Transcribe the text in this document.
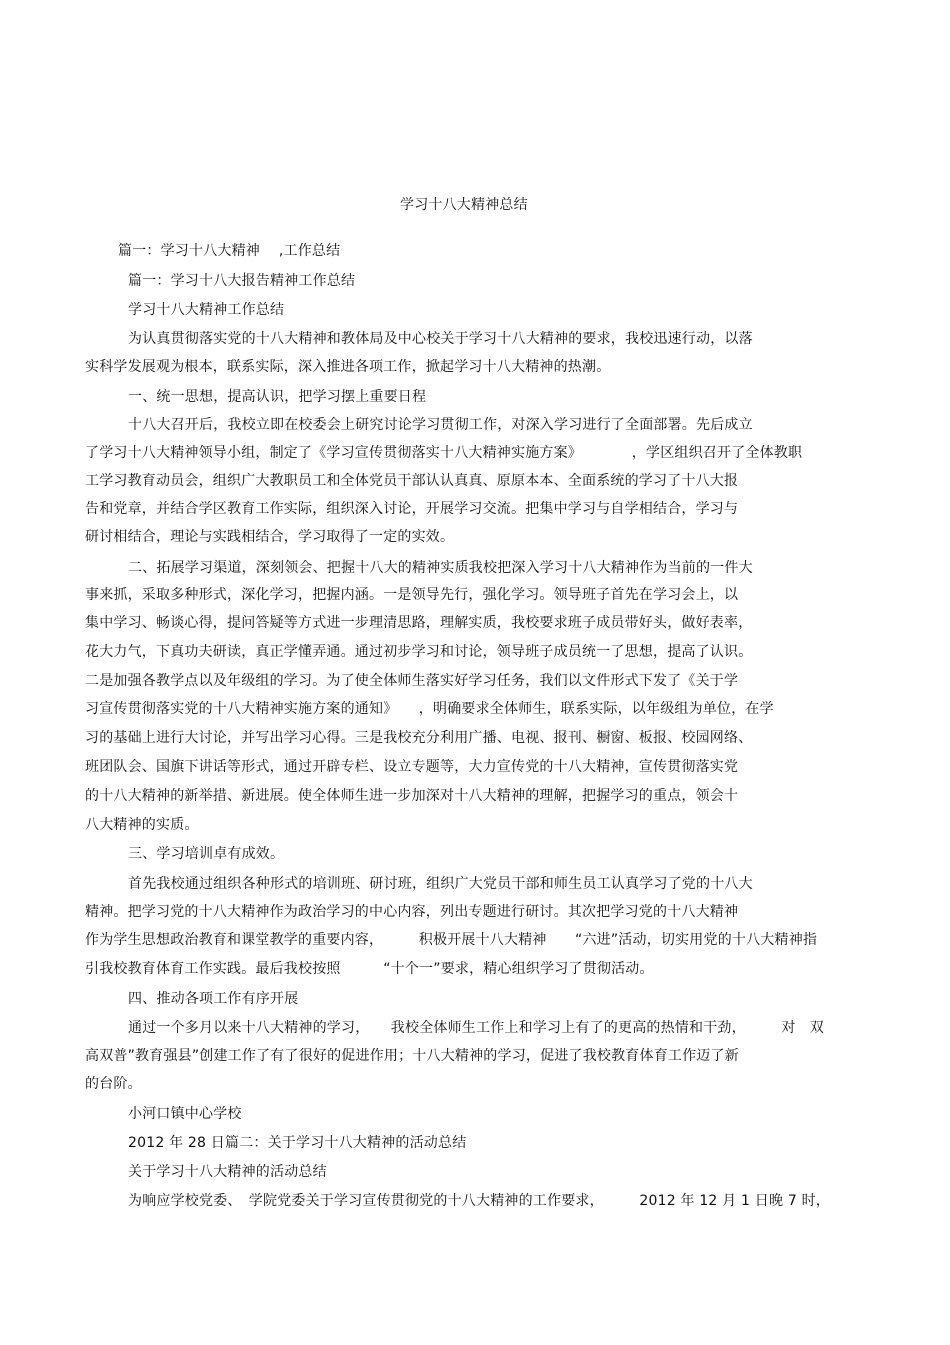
学习十八大精神总结
篇一：学习十八大精神　 ,工作总结
篇一：学习十八大报告精神工作总结
学习十八大精神工作总结
为认真贯彻落实党的十八大精神和教体局及中心校关于学习十八大精神的要求，我校迅速行动，以落
实科学发展观为根本，联系实际，深入推进各项工作，掀起学习十八大精神的热潮。
一、统一思想，提高认识，把学习摆上重要日程
十八大召开后，我校立即在校委会上研究讨论学习贯彻工作，对深入学习进行了全面部署。先后成立
了学习十八大精神领导小组，制定了《学习宣传贯彻落实十八大精神实施方案》　　　　，学区组织召开了全体教职
工学习教育动员会，组织广大教职员工和全体党员干部认认真真、原原本本、全面系统的学习了十八大报
告和党章，并结合学区教育工作实际，组织深入讨论，开展学习交流。把集中学习与自学相结合，学习与
研讨相结合，理论与实践相结合，学习取得了一定的实效。
二、拓展学习渠道，深刻领会、把握十八大的精神实质我校把深入学习十八大精神作为当前的一件大
事来抓，采取多种形式，深化学习，把握内涵。一是领导先行，强化学习。领导班子首先在学习会上，以
集中学习、畅谈心得，提问答疑等方式进一步理清思路，理解实质，我校要求班子成员带好头，做好表率，
花大力气，下真功夫研读，真正学懂弄通。通过初步学习和讨论，领导班子成员统一了思想，提高了认识。
二是加强各教学点以及年级组的学习。为了使全体师生落实好学习任务，我们以文件形式下发了《关于学
习宣传贯彻落实党的十八大精神实施方案的通知》　　，明确要求全体师生，联系实际，以年级组为单位，在学
习的基础上进行大讨论，并写出学习心得。三是我校充分利用广播、电视、报刊、橱窗、板报、校园网络、
班团队会、国旗下讲话等形式，通过开辟专栏、设立专题等，大力宣传党的十八大精神，宣传贯彻落实党
的十八大精神的新举措、新进展。使全体师生进一步加深对十八大精神的理解，把握学习的重点，领会十
八大精神的实质。
三、学习培训卓有成效。
首先我校通过组织各种形式的培训班、研讨班，组织广大党员干部和师生员工认真学习了党的十八大
精神。把学习党的十八大精神作为政治学习的中心内容，列出专题进行研讨。其次把学习党的十八大精神
作为学生思想政治教育和课堂教学的重要内容，　　　积极开展十八大精神　　“六进”活动，切实用党的十八大精神指
引我校教育体育工作实践。最后我校按照　　　“十个一”要求，精心组织学习了贯彻活动。
四、推动各项工作有序开展
通过一个多月以来十八大精神的学习，　　我校全体师生工作上和学习上有了的更高的热情和干劲，　　　对　双
高双普”教育强县”创建工作了有了很好的促进作用；十八大精神的学习，促进了我校教育体育工作迈了新
的台阶。
小河口镇中心学校
2012 年 28 日篇二：关于学习十八大精神的活动总结
关于学习十八大精神的活动总结
为响应学校党委、　学院党委关于学习宣传贯彻党的十八大精神的工作要求，　　　2012 年 12 月 1 日晚 7 时，
